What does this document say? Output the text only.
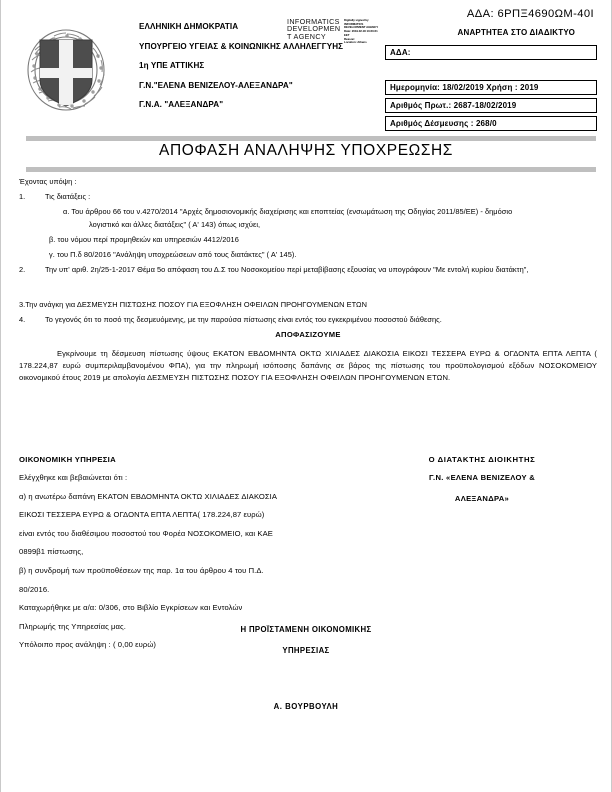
ΕΛΛΗΝΙΚΗ ΔΗΜΟΚΡΑΤΙΑ
ΥΠΟΥΡΓΕΙΟ ΥΓΕΙΑΣ & ΚΟΙΝΩΝΙΚΗΣ ΑΛΛΗΛΕΓΓΥΗΣ
1η ΥΠΕ ΑΤΤΙΚΗΣ
Γ.Ν."ΕΛΕΝΑ ΒΕΝΙΖΕΛΟΥ-ΑΛΕΞΑΝΔΡΑ"
Γ.Ν.Α. "ΑΛΕΞΑΝΔΡΑ"
INFORMATICS
DEVELOPMEN
T AGENCY
Digitally signed by
INFORMATICS
DEVELOPMENT AGENCY
Date: 2019.02.18 13:23:21
EET
Reason:
Location: Athens
ΑΔΑ: 6ΡΠΞ4690ΩΜ-40Ι
ΑΝΑΡΤΗΤΕΑ ΣΤΟ ΔΙΑΔΙΚΤΥΟ
ΑΔΑ:
Ημερομηνία: 18/02/2019 Χρήση : 2019
Αριθμός Πρωτ.: 2687-18/02/2019
Αριθμός Δέσμευσης : 268/0
ΑΠΟΦΑΣΗ ΑΝΑΛΗΨΗΣ ΥΠΟΧΡΕΩΣΗΣ
Έχοντας υπόψη :
1.	Τις διατάξεις :
α. Του άρθρου 66 του ν.4270/2014 "Αρχές δημοσιονομικής διαχείρισης και εποπτείας (ενσωμάτωση της Οδηγίας 2011/85/ΕΕ) - δημόσιο
λογιστικό και άλλες διατάξεις" ( Α' 143) όπως ισχύει,
β. του νόμου περί προμηθειών και υπηρεσιών 4412/2016
γ. του Π.δ 80/2016 "Ανάληψη υποχρεώσεων από τους διατάκτες" ( Α' 145).
2.	Την υπ' αριθ. 2η/25-1-2017 Θέμα 5ο απόφαση του Δ.Σ του Νοσοκομείου περί μεταβίβασης εξουσίας να υπογράφουν "Με εντολή κυρίου διατάκτη",
3.Την ανάγκη για ΔΕΣΜΕΥΣΗ ΠΙΣΤΩΣΗΣ ΠΟΣΟΥ ΓΙΑ ΕΞΟΦΛΗΣΗ ΟΦΕΙΛΩΝ ΠΡΟΗΓΟΥΜΕΝΩΝ ΕΤΩΝ
4.	Το γεγονός ότι το ποσό της δεσμευόμενης, με την παρούσα πίστωσης είναι εντός του εγκεκριμένου ποσοστού διάθεσης.
ΑΠΟΦΑΣΙΖΟΥΜΕ
Εγκρίνουμε τη δέσμευση πίστωσης ύψους ΕΚΑΤΟΝ ΕΒΔΟΜΗΝΤΑ ΟΚΤΩ ΧΙΛΙΑΔΕΣ ΔΙΑΚΟΣΙΑ ΕΙΚΟΣΙ ΤΕΣΣΕΡΑ ΕΥΡΩ & ΟΓΔΟΝΤΑ ΕΠΤΑ ΛΕΠΤΑ ( 178.224,87 ευρώ συμπεριλαμβανομένου ΦΠΑ), για την πληρωμή ισόποσης δαπάνης σε βάρος της πίστωσης του προϋπολογισμού εξόδων ΝΟΣΟΚΟΜΕΙΟΥ οικονομικού έτους 2019 με απολογία ΔΕΣΜΕΥΣΗ ΠΙΣΤΩΣΗΣ ΠΟΣΟΥ ΓΙΑ ΕΞΟΦΛΗΣΗ ΟΦΕΙΛΩΝ ΠΡΟΗΓΟΥΜΕΝΩΝ ΕΤΩΝ.
ΟΙΚΟΝΟΜΙΚΗ ΥΠΗΡΕΣΙΑ
Ελέγχθηκε και βεβαιώνεται ότι :
α) η ανωτέρω δαπάνη ΕΚΑΤΟΝ ΕΒΔΟΜΗΝΤΑ ΟΚΤΩ ΧΙΛΙΑΔΕΣ ΔΙΑΚΟΣΙΑ
ΕΙΚΟΣΙ ΤΕΣΣΕΡΑ ΕΥΡΩ & ΟΓΔΟΝΤΑ ΕΠΤΑ ΛΕΠΤΑ( 178.224,87 ευρώ)
είναι εντός του διαθέσιμου ποσοστού του Φορέα ΝΟΣΟΚΟΜΕΙΟ, και ΚΑΕ
0899β1 πίστωσης,
β) η συνδρομή των προϋποθέσεων της παρ. 1α του άρθρου 4 του Π.Δ.
80/2016.
Καταχωρήθηκε με α/α: 0/306, στο Βιβλίο Εγκρίσεων και Εντολών
Πληρωμής της Υπηρεσίας μας.
Υπόλοιπο προς ανάληψη : ( 0,00 ευρώ)
Ο ΔΙΑΤΑΚΤΗΣ ΔΙΟΙΚΗΤΗΣ
Γ.Ν. «ΕΛΕΝΑ ΒΕΝΙΖΕΛΟΥ &
ΑΛΕΞΑΝΔΡΑ»
Η ΠΡΟΪΣΤΑΜΕΝΗ ΟΙΚΟΝΟΜΙΚΗΣ
ΥΠΗΡΕΣΙΑΣ
Α. ΒΟΥΡΒΟΥΛΗ
